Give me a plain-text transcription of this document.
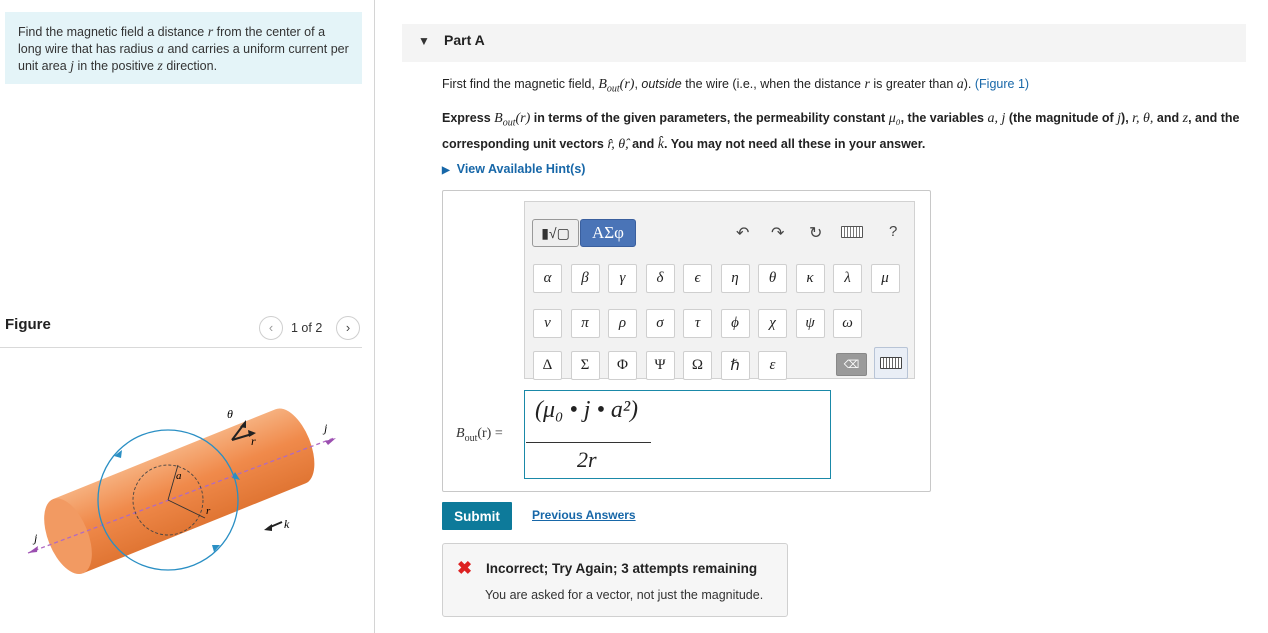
Find the magnetic field a distance r from the center of a long wire that has radius a and carries a uniform current per unit area j in the positive z direction.
Figure	‹	1 of 2	›
θ
r
j
j
a
r
k
▼ Part A
First find the magnetic field, $B_{out}(r)$, outside the wire (i.e., when the distance r is greater than a). (Figure 1)
Express $B_{out}(r)$ in terms of the given parameters, the permeability constant μ₀, the variables a, j (the magnitude of j), r, θ, and z, and the corresponding unit vectors r̂, θ̂, and k̂. You may not need all these in your answer.
▶ View Available Hint(s)
▮√▢	ΑΣφ	↶ ↷ ↻	?
α	β	γ	δ	ϵ	η	θ	κ	λ	μ
ν	π	ρ	σ	τ	ϕ	χ	ψ	ω
Δ	Σ	Φ	Ψ	Ω	ℏ	ε	⌫
$B_{out}(r)$ =
(μ₀ • j • a²)
2r
Submit	Previous Answers
✖ Incorrect; Try Again; 3 attempts remaining
You are asked for a vector, not just the magnitude.
